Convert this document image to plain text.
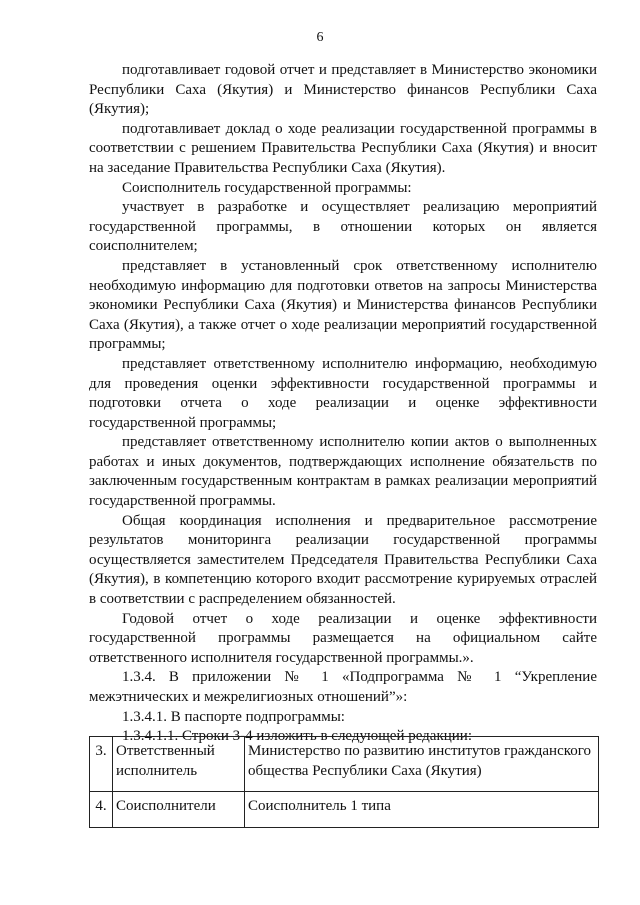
6

подготавливает годовой отчет и представляет в Министерство экономики Республики Саха (Якутия) и Министерство финансов Республики Саха (Якутия);

подготавливает доклад о ходе реализации государственной программы в соответствии с решением Правительства Республики Саха (Якутия) и вносит на заседание Правительства Республики Саха (Якутия).

Соисполнитель государственной программы:

участвует в разработке и осуществляет реализацию мероприятий государственной программы, в отношении которых он является соисполнителем;

представляет в установленный срок ответственному исполнителю необходимую информацию для подготовки ответов на запросы Министерства экономики Республики Саха (Якутия) и Министерства финансов Республики Саха (Якутия), а также отчет о ходе реализации мероприятий государственной программы;

представляет ответственному исполнителю информацию, необходимую для проведения оценки эффективности государственной программы и подготовки отчета о ходе реализации и оценке эффективности государственной программы;

представляет ответственному исполнителю копии актов о выполненных работах и иных документов, подтверждающих исполнение обязательств по заключенным государственным контрактам в рамках реализации мероприятий государственной программы.

Общая координация исполнения и предварительное рассмотрение результатов мониторинга реализации государственной программы осуществляется заместителем Председателя Правительства Республики Саха (Якутия), в компетенцию которого входит рассмотрение курируемых отраслей в соответствии с распределением обязанностей.

Годовой отчет о ходе реализации и оценке эффективности государственной программы размещается на официальном сайте ответственного исполнителя государственной программы.».

1.3.4. В приложении № 1 «Подпрограмма № 1 “Укрепление межэтнических и межрелигиозных отношений”»:

1.3.4.1. В паспорте подпрограммы:

1.3.4.1.1. Строки 3-4 изложить в следующей редакции:

3.	Ответственный исполнитель	Министерство по развитию институтов гражданского общества Республики Саха (Якутия)
4.	Соисполнители	Соисполнитель 1 типа
